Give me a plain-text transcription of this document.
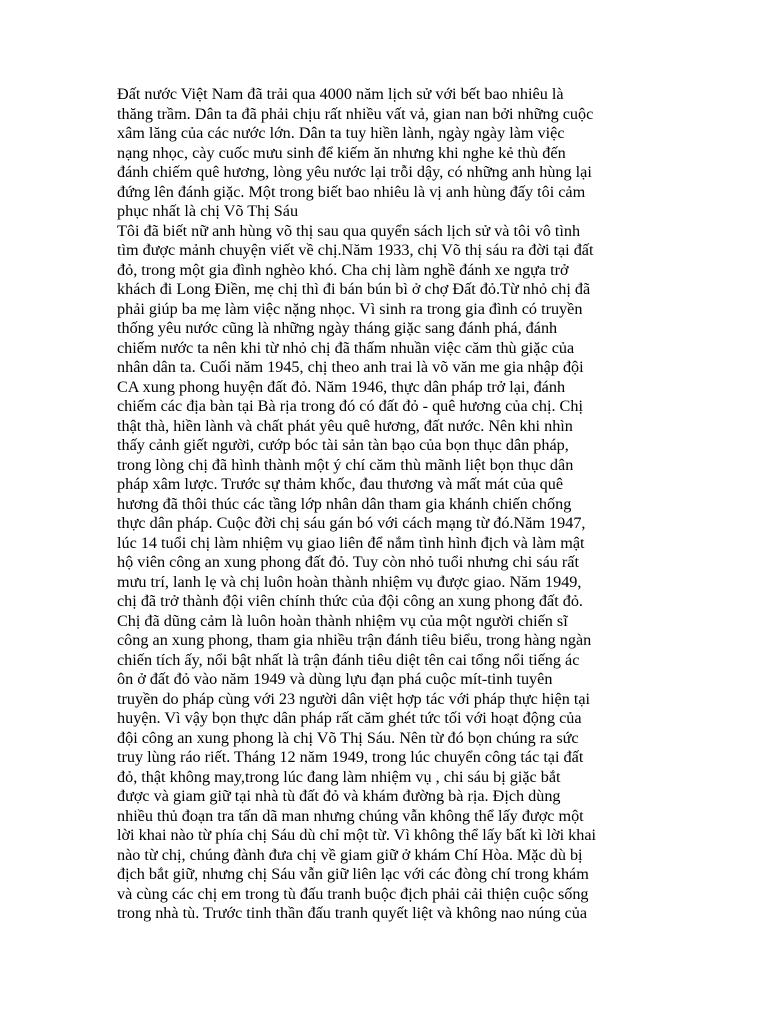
Đất nước Việt Nam đã trải qua 4000 năm lịch sử với bết bao nhiêu là
thăng trầm. Dân ta đã phải chịu rất nhiều vất vả, gian nan bởi những cuộc
xâm lăng của các nước lớn. Dân ta tuy hiền lành, ngày ngày làm việc
nạng nhọc, cày cuốc mưu sinh để kiếm ăn nhưng khi nghe kẻ thù đến
đánh chiếm quê hương, lòng yêu nước lại trỗi dậy, có những anh hùng lại
đứng lên đánh giặc. Một trong biết bao nhiêu là vị anh hùng đấy tôi cảm
phục nhất là chị Võ Thị Sáu
Tôi đã biết nữ anh hùng võ thị sau qua quyển sách lịch sử và tôi vô tình
tìm được mảnh chuyện viết về chị.Năm 1933, chị Võ thị sáu ra đời tại đất
đỏ, trong một gia đình nghèo khó. Cha chị làm nghề đánh xe ngựa trở
khách đi Long Điền, mẹ chị thì đi bán bún bì ở chợ Đất đỏ.Từ nhỏ chị đã
phải giúp ba mẹ làm việc nặng nhọc. Vì sinh ra trong gia đình có truyền
thống yêu nước cũng là những ngày tháng giặc sang đánh phá, đánh
chiếm nước ta nên khi từ nhỏ chị đã thấm nhuần việc căm thù giặc của
nhân dân ta. Cuối năm 1945, chị theo anh trai là võ văn me gia nhập đội
CA xung phong huyện đất đỏ. Năm 1946, thực dân pháp trở lại, đánh
chiếm các địa bàn tại Bà rịa trong đó có đất đỏ - quê hương của chị. Chị
thật thà, hiền lành và chất phát yêu quê hương, đất nước. Nên khi nhìn
thấy cảnh giết người, cướp bóc tài sản tàn bạo của bọn thục dân pháp,
trong lòng chị đã hình thành một ý chí căm thù mãnh liệt bọn thục dân
pháp xâm lược. Trước sự thảm khốc, đau thương và mất mát của quê
hương đã thôi thúc các tầng lớp nhân dân tham gia khánh chiến chống
thực dân pháp. Cuộc đời chị sáu gán bó với cách mạng từ đó.Năm 1947,
lúc 14 tuổi chị làm nhiệm vụ giao liên để nắm tình hình địch và làm mật
hộ viên công an xung phong đất đỏ. Tuy còn nhỏ tuổi nhưng chi sáu rất
mưu trí, lanh lẹ và chị luôn hoàn thành nhiệm vụ được giao. Năm 1949,
chị đã trở thành đội viên chính thức của đội công an xung phong đất đỏ.
Chị đã dũng cảm là luôn hoàn thành nhiệm vụ của một người chiến sĩ
công an xung phong, tham gia nhiều trận đánh tiêu biểu, trong hàng ngàn
chiến tích ấy, nổi bật nhất là trận đánh tiêu diệt tên cai tổng nổi tiếng ác
ôn ở đất đỏ vào năm 1949 và dùng lựu đạn phá cuộc mít-tinh tuyên
truyền do pháp cùng với 23 người dân việt hợp tác với pháp thực hiện tại
huyện. Vì vậy bọn thực dân pháp rất căm ghét tức tối với hoạt động của
đội công an xung phong là chị Võ Thị Sáu. Nên từ đó bọn chúng ra sức
truy lùng ráo riết. Tháng 12 năm 1949, trong lúc chuyển công tác tại đất
đỏ, thật không may,trong lúc đang làm nhiệm vụ , chi sáu bị giặc bắt
được và giam giữ tại nhà tù đất đỏ và khám đường bà rịa. Địch dùng
nhiều thủ đoạn tra tấn dã man nhưng chúng vẫn không thể lấy được một
lời khai nào từ phía chị Sáu dù chỉ một từ. Vì không thể lấy bất kì lời khai
nào từ chị, chúng đành đưa chị về giam giữ ở khám Chí Hòa. Mặc dù bị
địch bắt giữ, nhưng chị Sáu vẫn giữ liên lạc với các đòng chí trong khám
và cùng các chị em trong tù đấu tranh buộc địch phải cải thiện cuộc sống
trong nhà tù. Trước tinh thần đấu tranh quyết liệt và không nao núng của
